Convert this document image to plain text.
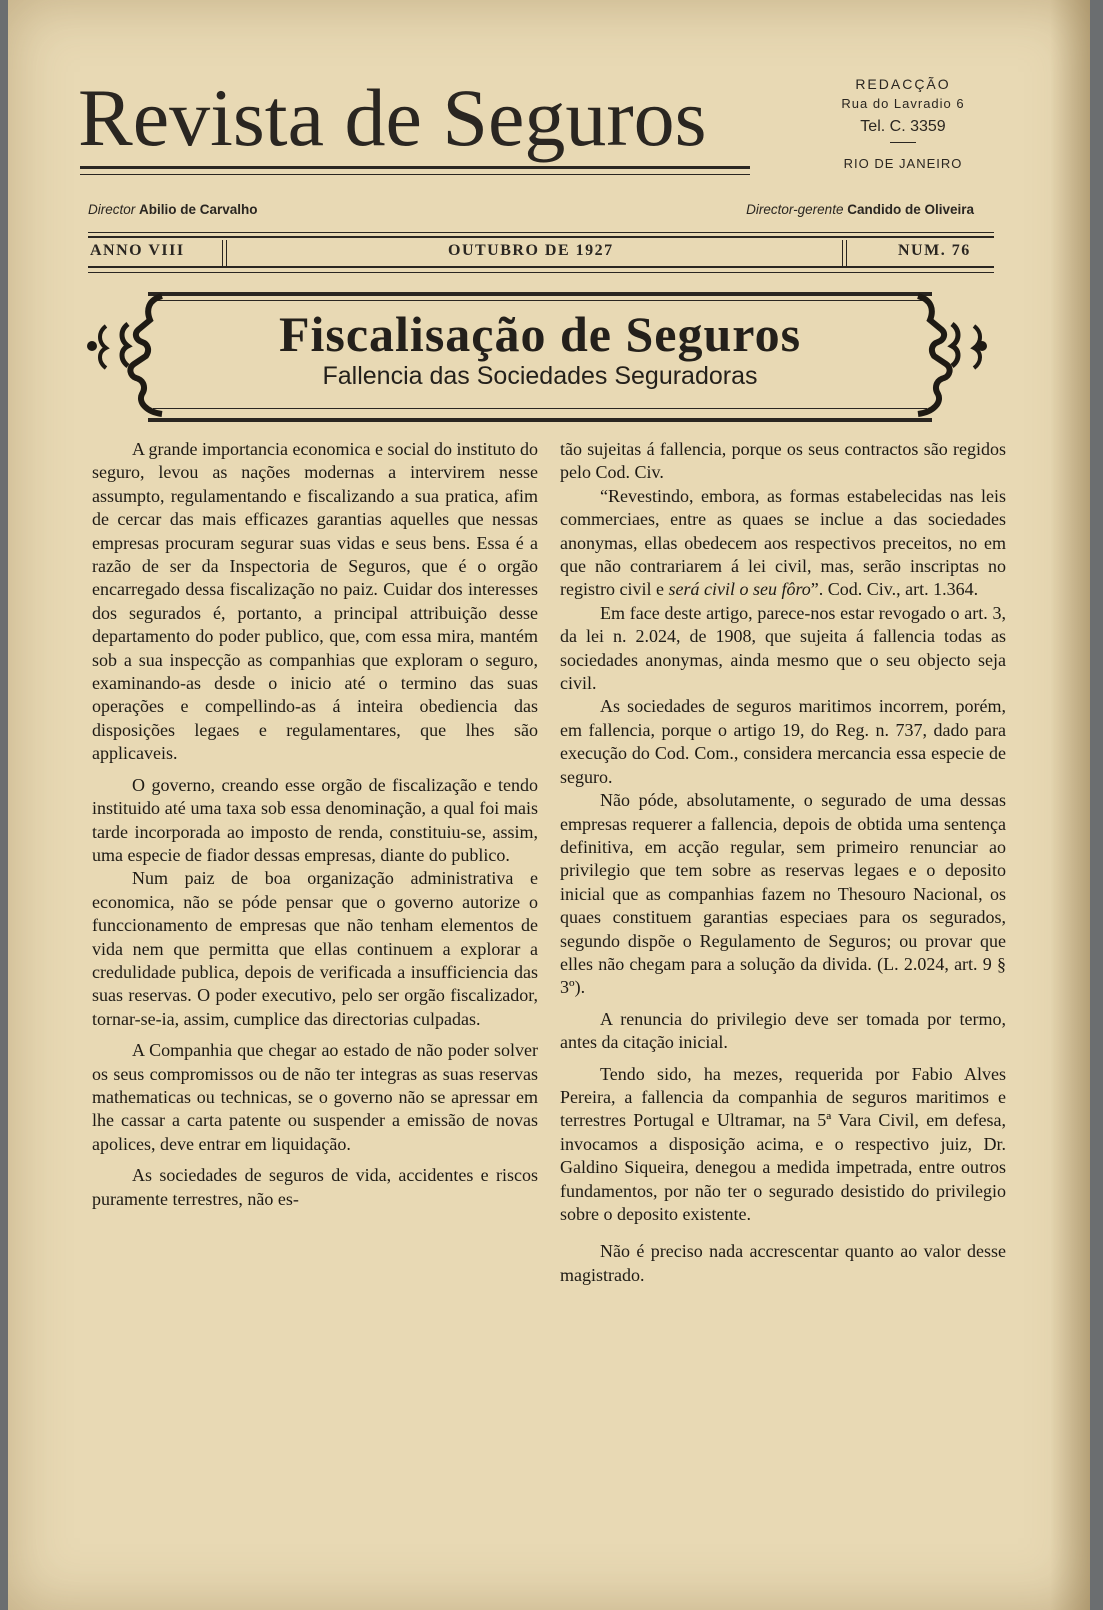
Revista de Seguros	REDACÇÃO
Rua do Lavradio 6
Tel. C. 3359
RIO DE JANEIRO
Director Abilio de Carvalho	Director-gerente Candido de Oliveira
ANNO VIII	OUTUBRO DE 1927	NUM. 76
Fiscalisação de Seguros
Fallencia das Sociedades Seguradoras

A grande importancia economica e social do instituto do seguro, levou as nações modernas a intervirem nesse assumpto, regulamentando e fiscalizando a sua pratica, afim de cercar das mais efficazes garantias aquelles que nessas empresas procuram segurar suas vidas e seus bens. Essa é a razão de ser da Inspectoria de Seguros, que é o orgão encarregado dessa fiscalização no paiz. Cuidar dos interesses dos segurados é, portanto, a principal attribuição desse departamento do poder publico, que, com essa mira, mantém sob a sua inspecção as companhias que exploram o seguro, examinando-as desde o inicio até o termino das suas operações e compellindo-as á inteira obediencia das disposições legaes e regulamentares, que lhes são applicaveis.

O governo, creando esse orgão de fiscalização e tendo instituido até uma taxa sob essa denominação, a qual foi mais tarde incorporada ao imposto de renda, constituiu-se, assim, uma especie de fiador dessas empresas, diante do publico.

Num paiz de boa organização administrativa e economica, não se póde pensar que o governo autorize o funccionamento de empresas que não tenham elementos de vida nem que permitta que ellas continuem a explorar a credulidade publica, depois de verificada a insufficiencia das suas reservas. O poder executivo, pelo ser orgão fiscalizador, tornar-se-ia, assim, cumplice das directorias culpadas.

A Companhia que chegar ao estado de não poder solver os seus compromissos ou de não ter integras as suas reservas mathematicas ou technicas, se o governo não se apressar em lhe cassar a carta patente ou suspender a emissão de novas apolices, deve entrar em liquidação.

As sociedades de seguros de vida, accidentes e riscos puramente terrestres, não es-

tão sujeitas á fallencia, porque os seus contractos são regidos pelo Cod. Civ.

“Revestindo, embora, as formas estabelecidas nas leis commerciaes, entre as quaes se inclue a das sociedades anonymas, ellas obedecem aos respectivos preceitos, no em que não contrariarem á lei civil, mas, serão inscriptas no registro civil e será civil o seu fôro”. Cod. Civ., art. 1.364.

Em face deste artigo, parece-nos estar revogado o art. 3, da lei n. 2.024, de 1908, que sujeita á fallencia todas as sociedades anonymas, ainda mesmo que o seu objecto seja civil.

As sociedades de seguros maritimos incorrem, porém, em fallencia, porque o artigo 19, do Reg. n. 737, dado para execução do Cod. Com., considera mercancia essa especie de seguro.

Não póde, absolutamente, o segurado de uma dessas empresas requerer a fallencia, depois de obtida uma sentença definitiva, em acção regular, sem primeiro renunciar ao privilegio que tem sobre as reservas legaes e o deposito inicial que as companhias fazem no Thesouro Nacional, os quaes constituem garantias especiaes para os segurados, segundo dispõe o Regulamento de Seguros; ou provar que elles não chegam para a solução da divida. (L. 2.024, art. 9 § 3º).

A renuncia do privilegio deve ser tomada por termo, antes da citação inicial.

Tendo sido, ha mezes, requerida por Fabio Alves Pereira, a fallencia da companhia de seguros maritimos e terrestres Portugal e Ultramar, na 5ª Vara Civil, em defesa, invocamos a disposição acima, e o respectivo juiz, Dr. Galdino Siqueira, denegou a medida impetrada, entre outros fundamentos, por não ter o segurado desistido do privilegio sobre o deposito existente.

Não é preciso nada accrescentar quanto ao valor desse magistrado.
